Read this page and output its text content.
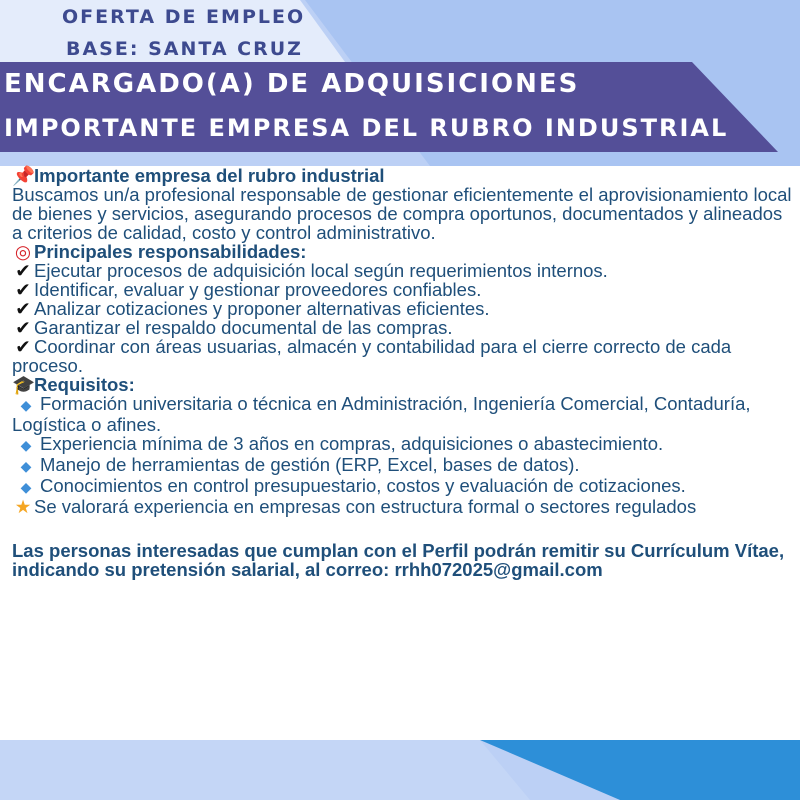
OFERTA DE EMPLEO
BASE: SANTA CRUZ
ENCARGADO(A) DE ADQUISICIONES
IMPORTANTE EMPRESA DEL RUBRO INDUSTRIAL

📌Importante empresa del rubro industrial

Buscamos un/a profesional responsable de gestionar eficientemente el aprovisionamiento local de bienes y servicios, asegurando procesos de compra oportunos, documentados y alineados a criterios de calidad, costo y control administrativo.

◎ Principales responsabilidades:

✔ Ejecutar procesos de adquisición local según requerimientos internos.

✔ Identificar, evaluar y gestionar proveedores confiables.

✔ Analizar cotizaciones y proponer alternativas eficientes.

✔ Garantizar el respaldo documental de las compras.

✔ Coordinar con áreas usuarias, almacén y contabilidad para el cierre correcto de cada proceso.

🎓Requisitos:

◆ Formación universitaria o técnica en Administración, Ingeniería Comercial, Contaduría, Logística o afines.

◆ Experiencia mínima de 3 años en compras, adquisiciones o abastecimiento.

◆ Manejo de herramientas de gestión (ERP, Excel, bases de datos).

◆ Conocimientos en control presupuestario, costos y evaluación de cotizaciones.

★ Se valorará experiencia en empresas con estructura formal o sectores regulados

Las personas interesadas que cumplan con el Perfil podrán remitir su Currículum Vítae, indicando su pretensión salarial, al correo: rrhh072025@gmail.com
